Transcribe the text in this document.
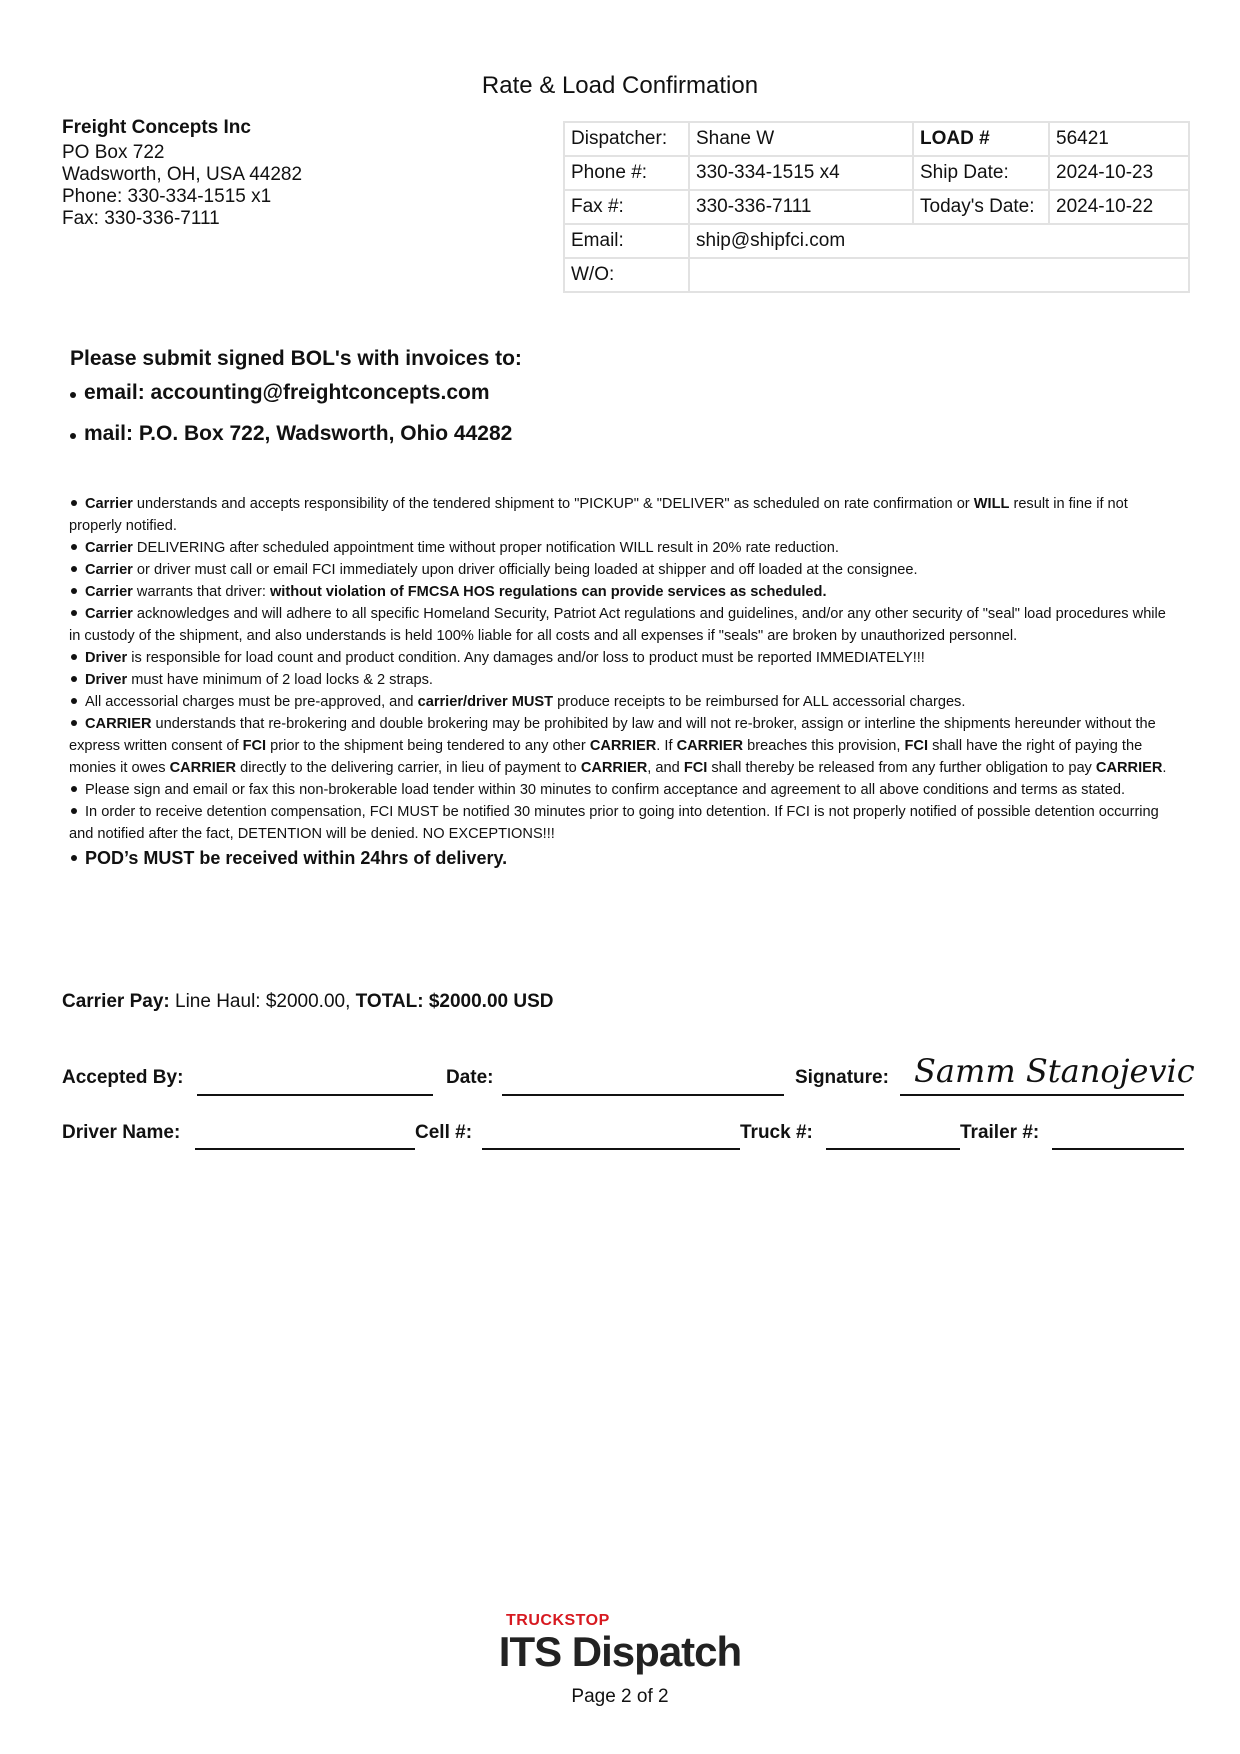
Rate & Load Confirmation
Freight Concepts Inc
PO Box 722
Wadsworth, OH, USA 44282
Phone: 330-334-1515 x1
Fax: 330-336-7111
Dispatcher:	Shane W	LOAD #	56421
Phone #:	330-334-1515 x4	Ship Date:	2024-10-23
Fax #:	330-336-7111	Today's Date:	2024-10-22
Email:	ship@shipfci.com		
W/O:			
Please submit signed BOL's with invoices to:
email: accounting@freightconcepts.com
mail: P.O. Box 722, Wadsworth, Ohio 44282

Carrier understands and accepts responsibility of the tendered shipment to "PICKUP" & "DELIVER" as scheduled on rate confirmation or WILL result in fine if not properly notified.

Carrier DELIVERING after scheduled appointment time without proper notification WILL result in 20% rate reduction.

Carrier or driver must call or email FCI immediately upon driver officially being loaded at shipper and off loaded at the consignee.

Carrier warrants that driver: without violation of FMCSA HOS regulations can provide services as scheduled.

Carrier acknowledges and will adhere to all specific Homeland Security, Patriot Act regulations and guidelines, and/or any other security of "seal" load procedures while in custody of the shipment, and also understands is held 100% liable for all costs and all expenses if "seals" are broken by unauthorized personnel.

Driver is responsible for load count and product condition. Any damages and/or loss to product must be reported IMMEDIATELY!!!

Driver must have minimum of 2 load locks & 2 straps.

All accessorial charges must be pre-approved, and carrier/driver MUST produce receipts to be reimbursed for ALL accessorial charges.

CARRIER understands that re-brokering and double brokering may be prohibited by law and will not re-broker, assign or interline the shipments hereunder without the express written consent of FCI prior to the shipment being tendered to any other CARRIER. If CARRIER breaches this provision, FCI shall have the right of paying the monies it owes CARRIER directly to the delivering carrier, in lieu of payment to CARRIER, and FCI shall thereby be released from any further obligation to pay CARRIER.

Please sign and email or fax this non-brokerable load tender within 30 minutes to confirm acceptance and agreement to all above conditions and terms as stated.

In order to receive detention compensation, FCI MUST be notified 30 minutes prior to going into detention. If FCI is not properly notified of possible detention occurring and notified after the fact, DETENTION will be denied. NO EXCEPTIONS!!!

POD’s MUST be received within 24hrs of delivery.

Carrier Pay: Line Haul: $2000.00, TOTAL: $2000.00 USD
Accepted By:	Date:	Signature: Samm Stanojevic
Driver Name:	Cell #:	Truck #:	Trailer #:
TRUCKSTOP
ITS Dispatch
Page 2 of 2
